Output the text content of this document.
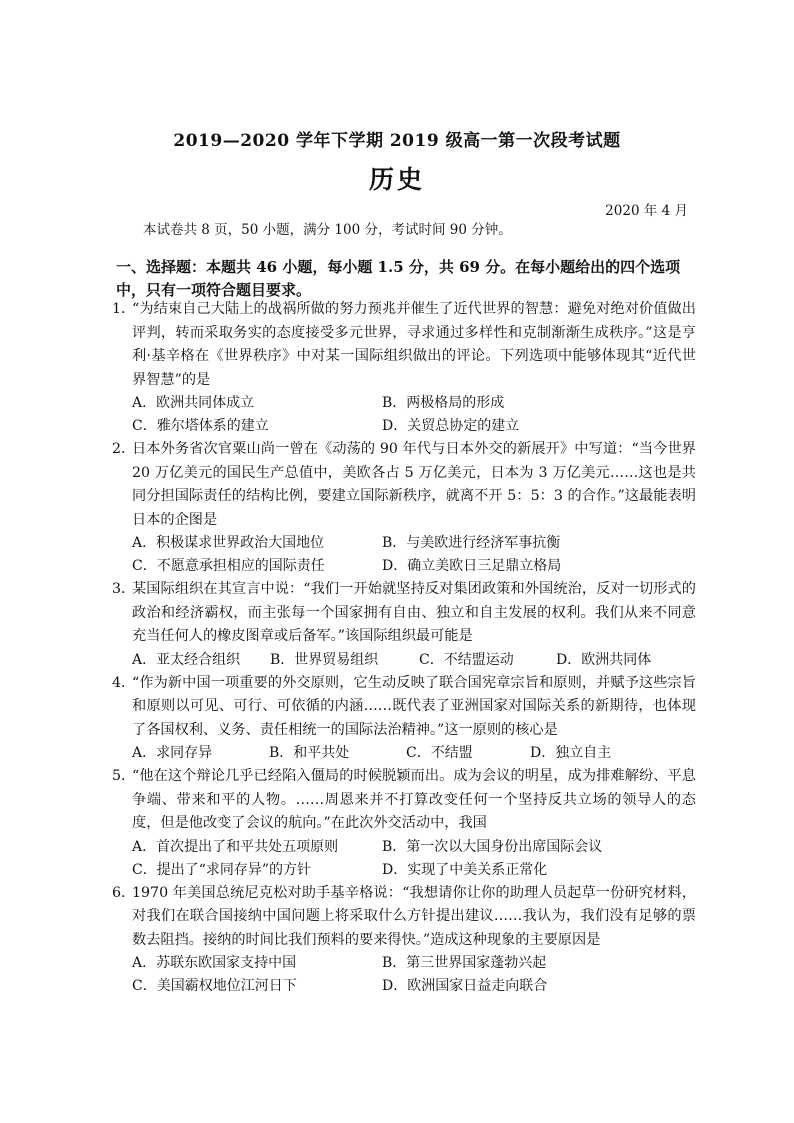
2019—2020 学年下学期 2019 级高一第一次段考试题
历史
2020 年 4 月
本试卷共 8 页，50 小题，满分 100 分，考试时间 90 分钟。
一、选择题：本题共 46 小题，每小题 1.5 分，共 69 分。在每小题给出的四个选项中，只有一项符合题目要求。
1．
“为结束自己大陆上的战祸所做的努力预兆并催生了近代世界的智慧：避免对绝对价值做出评判，转而采取务实的态度接受多元世界，寻求通过多样性和克制渐渐生成秩序。”这是亨利·基辛格在《世界秩序》中对某一国际组织做出的评论。下列选项中能够体现其“近代世界智慧”的是
A．欧洲共同体成立	B．两极格局的形成
C．雅尔塔体系的建立	D．关贸总协定的建立
2．
日本外务省次官粟山尚一曾在《动荡的 90 年代与日本外交的新展开》中写道：“当今世界 20 万亿美元的国民生产总值中，美欧各占 5 万亿美元，日本为 3 万亿美元……这也是共同分担国际责任的结构比例，要建立国际新秩序，就离不开 5：5：3 的合作。”这最能表明日本的企图是
A．积极谋求世界政治大国地位	B．与美欧进行经济军事抗衡
C．不愿意承担相应的国际责任	D．确立美欧日三足鼎立格局
3．
某国际组织在其宣言中说：“我们一开始就坚持反对集团政策和外国统治，反对一切形式的政治和经济霸权，而主张每一个国家拥有自由、独立和自主发展的权利。我们从来不同意充当任何人的橡皮图章或后备军。”该国际组织最可能是
A．亚太经合组织	B．世界贸易组织	C．不结盟运动	D．欧洲共同体
4．
“作为新中国一项重要的外交原则，它生动反映了联合国宪章宗旨和原则，并赋予这些宗旨和原则以可见、可行、可依循的内涵……既代表了亚洲国家对国际关系的新期待，也体现了各国权利、义务、责任相统一的国际法治精神。”这一原则的核心是
A．求同存异	B．和平共处	C．不结盟	D．独立自主
5．
“他在这个辩论几乎已经陷入僵局的时候脱颖而出。成为会议的明星，成为排难解纷、平息争端、带来和平的人物。……周恩来并不打算改变任何一个坚持反共立场的领导人的态度，但是他改变了会议的航向。”在此次外交活动中，我国
A．首次提出了和平共处五项原则	B．第一次以大国身份出席国际会议
C．提出了“求同存异”的方针	D．实现了中美关系正常化
6．
1970 年美国总统尼克松对助手基辛格说：“我想请你让你的助理人员起草一份研究材料，对我们在联合国接纳中国问题上将采取什么方针提出建议……我认为，我们没有足够的票数去阻挡。接纳的时间比我们预料的要来得快。”造成这种现象的主要原因是
A．苏联东欧国家支持中国	B．第三世界国家蓬勃兴起
C．美国霸权地位江河日下	D．欧洲国家日益走向联合
